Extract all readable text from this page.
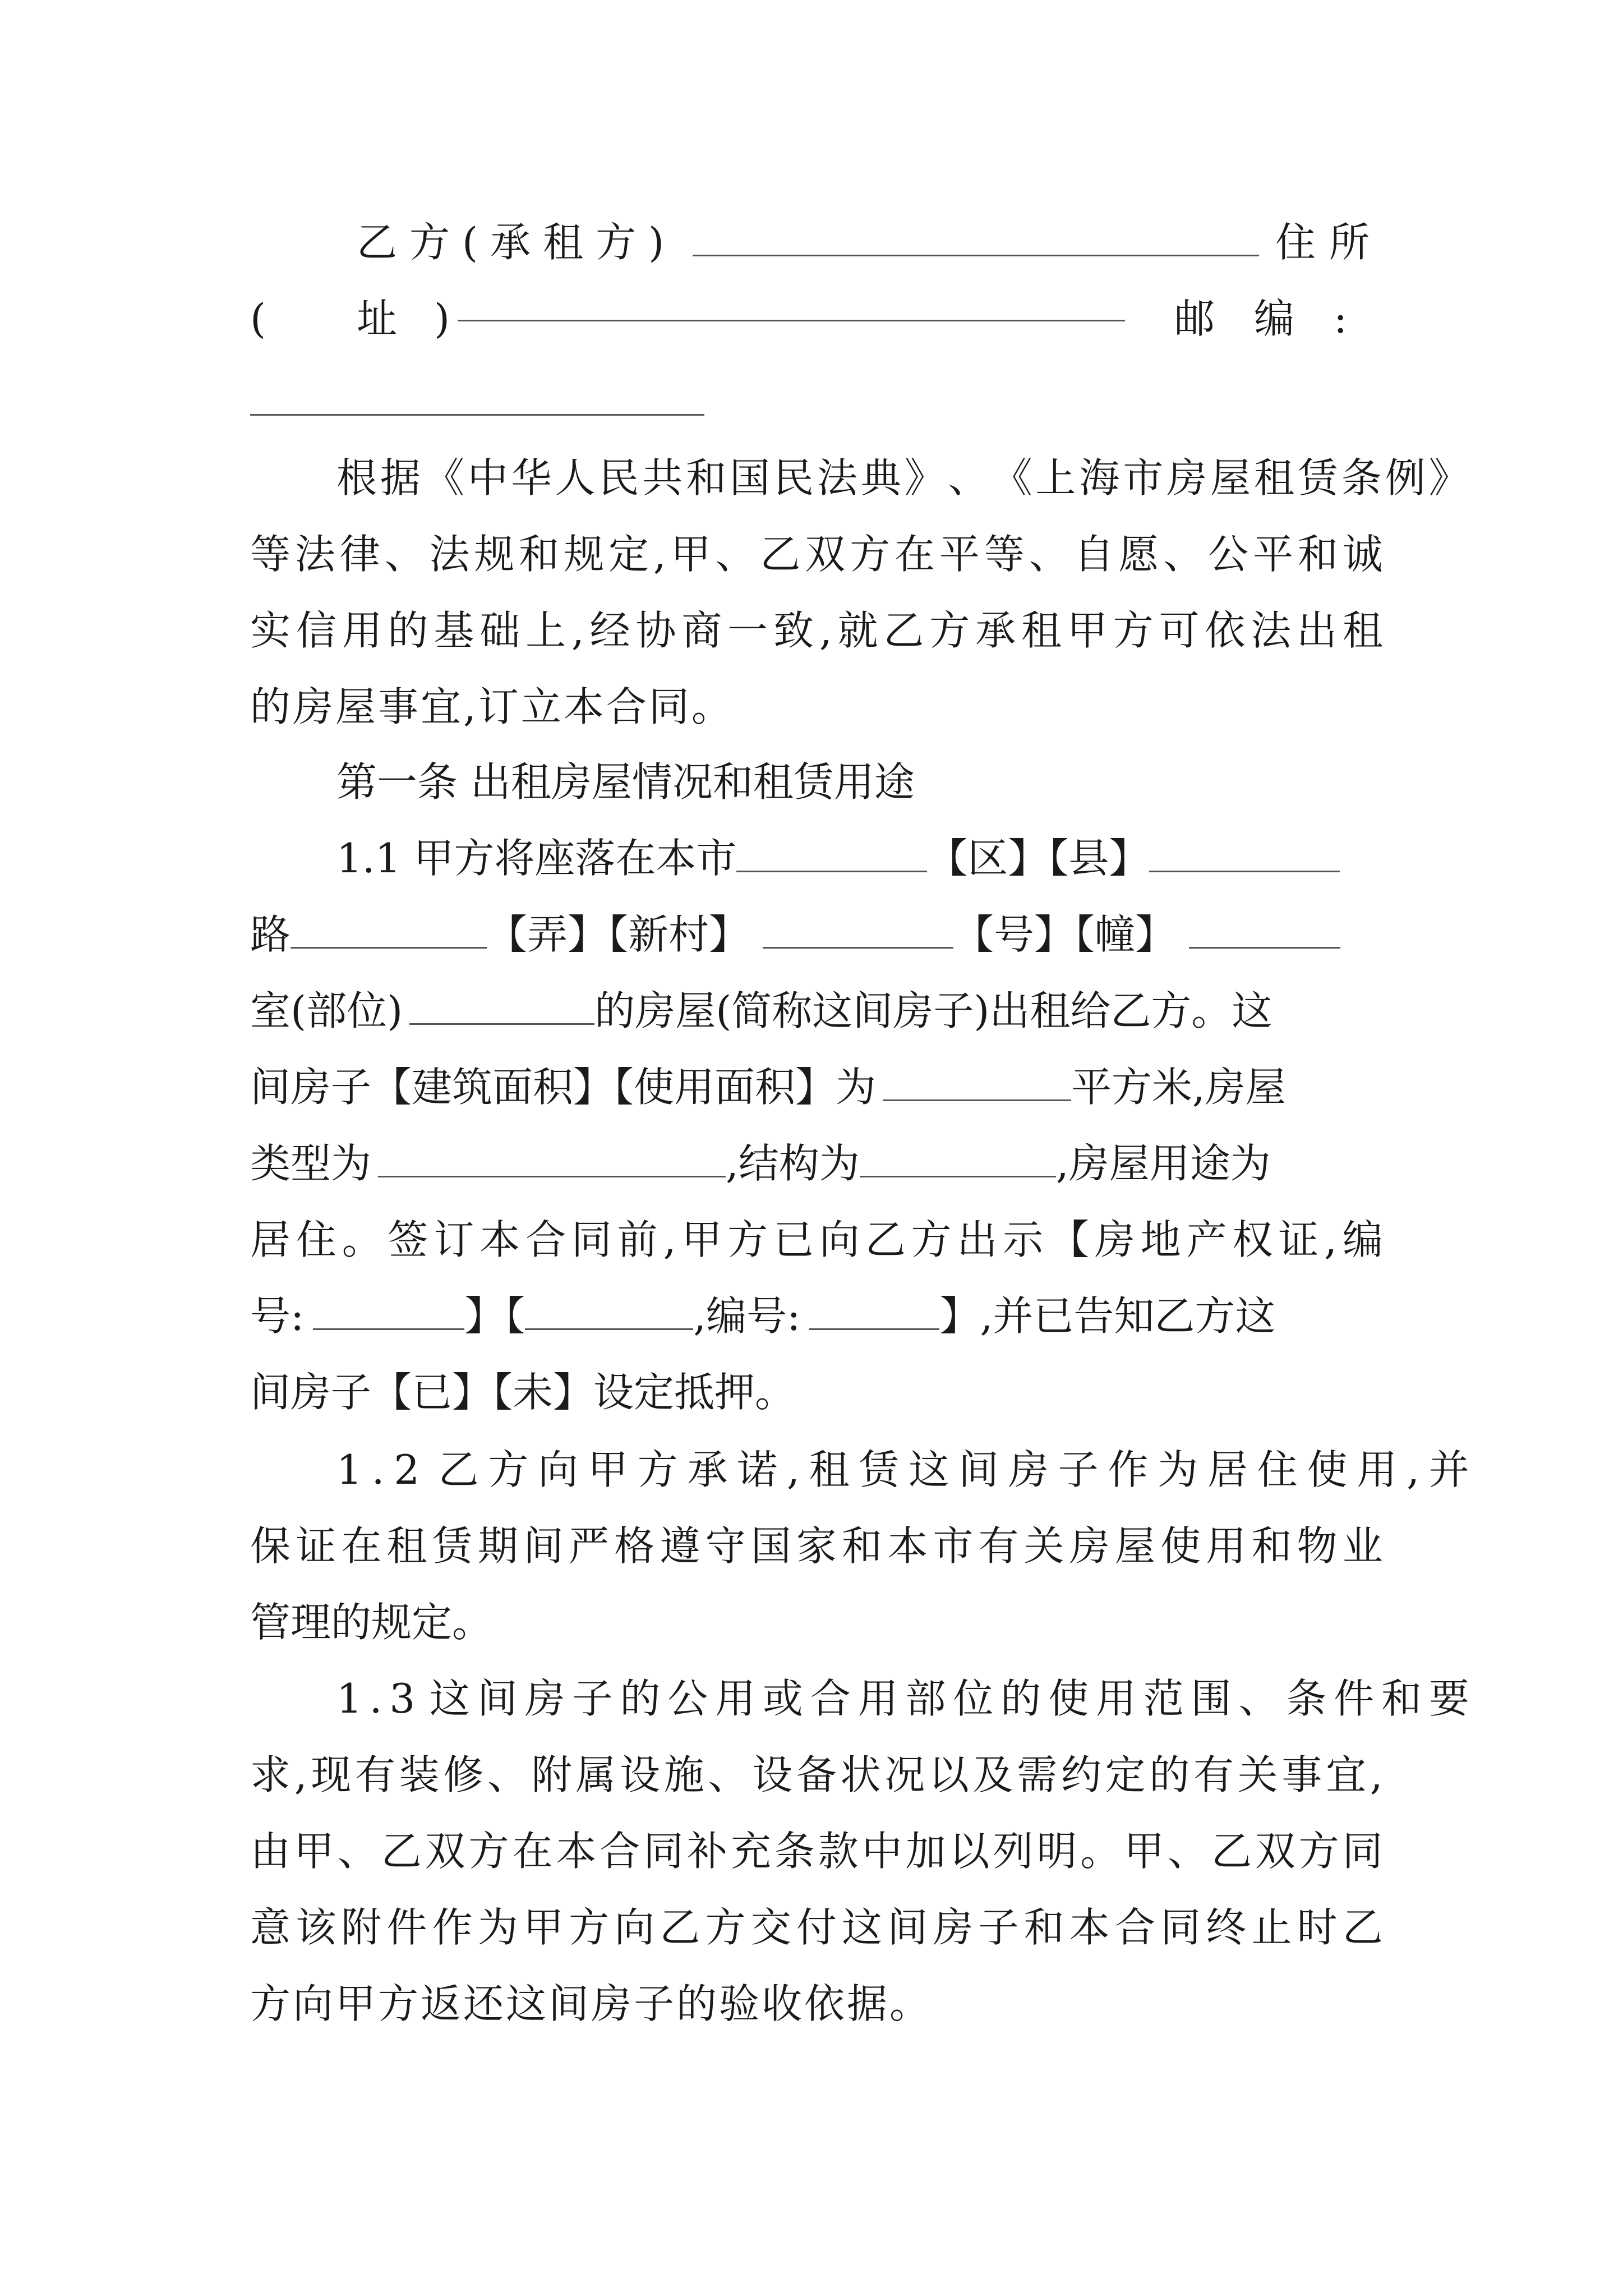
乙方(承租方)	住所
( 址 )	邮编 :
根 据 《 中 华 人 民 共 和 国 民 法 典 》 、 《 上 海 市 房 屋 租 赁 条 例 》
等 法 律 、 法 规 和 规 定 , 甲 、 乙 双 方 在 平 等 、 自 愿 、 公 平 和 诚
实 信 用 的 基 础 上 , 经 协 商 一 致 , 就 乙 方 承 租 甲 方 可 依 法 出 租
的房屋事宜,订立本合同。
第一条 出租房屋情况和租赁用途
1.1 甲方将座落在本市	【区】【县】
路	【弄】【新村】	【号】【幢】
室(部位)	的房屋(简称这间房子)出租给乙方。这
间房子【建筑面积】【使用面积】为	平方米,房屋
类型为	,结构为	,房屋用途为
居 住 。 签 订 本 合 同 前 , 甲 方 已 向 乙 方 出 示 【 房 地 产 权 证 , 编
号:	】【	,编号:	】,并已告知乙方这
间房子【已】【未】设定抵押。
1 . 2 乙 方 向 甲 方 承 诺 , 租 赁 这 间 房 子 作 为 居 住 使 用 , 并
保 证 在 租 赁 期 间 严 格 遵 守 国 家 和 本 市 有 关 房 屋 使 用 和 物 业
管理的规定。
1 . 3 这 间 房 子 的 公 用 或 合 用 部 位 的 使 用 范 围 、 条 件 和 要
求 , 现 有 装 修 、 附 属 设 施 、 设 备 状 况 以 及 需 约 定 的 有 关 事 宜 ,
由 甲 、 乙 双 方 在 本 合 同 补 充 条 款 中 加 以 列 明 。 甲 、 乙 双 方 同
意 该 附 件 作 为 甲 方 向 乙 方 交 付 这 间 房 子 和 本 合 同 终 止 时 乙
方向甲方返还这间房子的验收依据。
